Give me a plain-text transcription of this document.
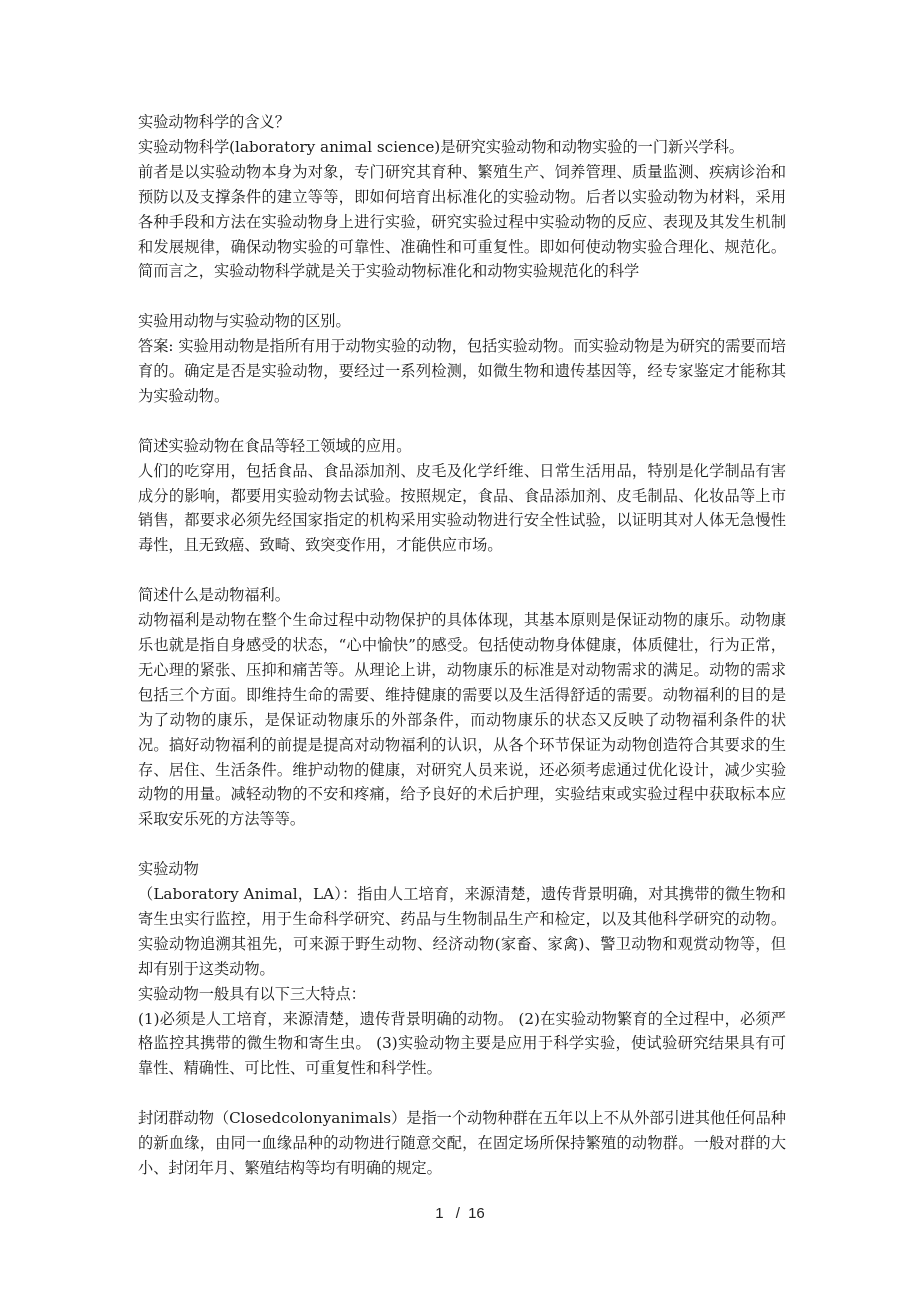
实验动物科学的含义？

实验动物科学(laboratory animal science)是研究实验动物和动物实验的一门新兴学科。

前者是以实验动物本身为对象，专门研究其育种、繁殖生产、饲养管理、质量监测、疾病诊治和预防以及支撑条件的建立等等，即如何培育出标准化的实验动物。后者以实验动物为材料，采用各种手段和方法在实验动物身上进行实验，研究实验过程中实验动物的反应、表现及其发生机制和发展规律，确保动物实验的可靠性、准确性和可重复性。即如何使动物实验合理化、规范化。简而言之，实验动物科学就是关于实验动物标准化和动物实验规范化的科学

实验用动物与实验动物的区别。

答案: 实验用动物是指所有用于动物实验的动物，包括实验动物。而实验动物是为研究的需要而培育的。确定是否是实验动物，要经过一系列检测，如微生物和遗传基因等，经专家鉴定才能称其为实验动物。

简述实验动物在食品等轻工领域的应用。

人们的吃穿用，包括食品、食品添加剂、皮毛及化学纤维、日常生活用品，特别是化学制品有害成分的影响，都要用实验动物去试验。按照规定，食品、食品添加剂、皮毛制品、化妆品等上市销售，都要求必须先经国家指定的机构采用实验动物进行安全性试验，以证明其对人体无急慢性毒性，且无致癌、致畸、致突变作用，才能供应市场。

简述什么是动物福利。

动物福利是动物在整个生命过程中动物保护的具体体现，其基本原则是保证动物的康乐。动物康乐也就是指自身感受的状态，“心中愉快”的感受。包括使动物身体健康，体质健壮，行为正常，无心理的紧张、压抑和痛苦等。从理论上讲，动物康乐的标准是对动物需求的满足。动物的需求包括三个方面。即维持生命的需要、维持健康的需要以及生活得舒适的需要。动物福利的目的是为了动物的康乐，是保证动物康乐的外部条件，而动物康乐的状态又反映了动物福利条件的状况。搞好动物福利的前提是提高对动物福利的认识，从各个环节保证为动物创造符合其要求的生存、居住、生活条件。维护动物的健康，对研究人员来说，还必须考虑通过优化设计，减少实验动物的用量。减轻动物的不安和疼痛，给予良好的术后护理，实验结束或实验过程中获取标本应采取安乐死的方法等等。

实验动物

（Laboratory Animal，LA）：指由人工培育，来源清楚，遗传背景明确，对其携带的微生物和寄生虫实行监控，用于生命科学研究、药品与生物制品生产和检定，以及其他科学研究的动物。实验动物追溯其祖先，可来源于野生动物、经济动物(家畜、家禽)、警卫动物和观赏动物等，但却有别于这类动物。

实验动物一般具有以下三大特点：

(1)必须是人工培育，来源清楚，遗传背景明确的动物。 (2)在实验动物繁育的全过程中，必须严格监控其携带的微生物和寄生虫。 (3)实验动物主要是应用于科学实验，使试验研究结果具有可靠性、精确性、可比性、可重复性和科学性。

封闭群动物（Closedcolonyanimals）是指一个动物种群在五年以上不从外部引进其他任何品种的新血缘，由同一血缘品种的动物进行随意交配，在固定场所保持繁殖的动物群。一般对群的大小、封闭年月、繁殖结构等均有明确的规定。

1 / 16
